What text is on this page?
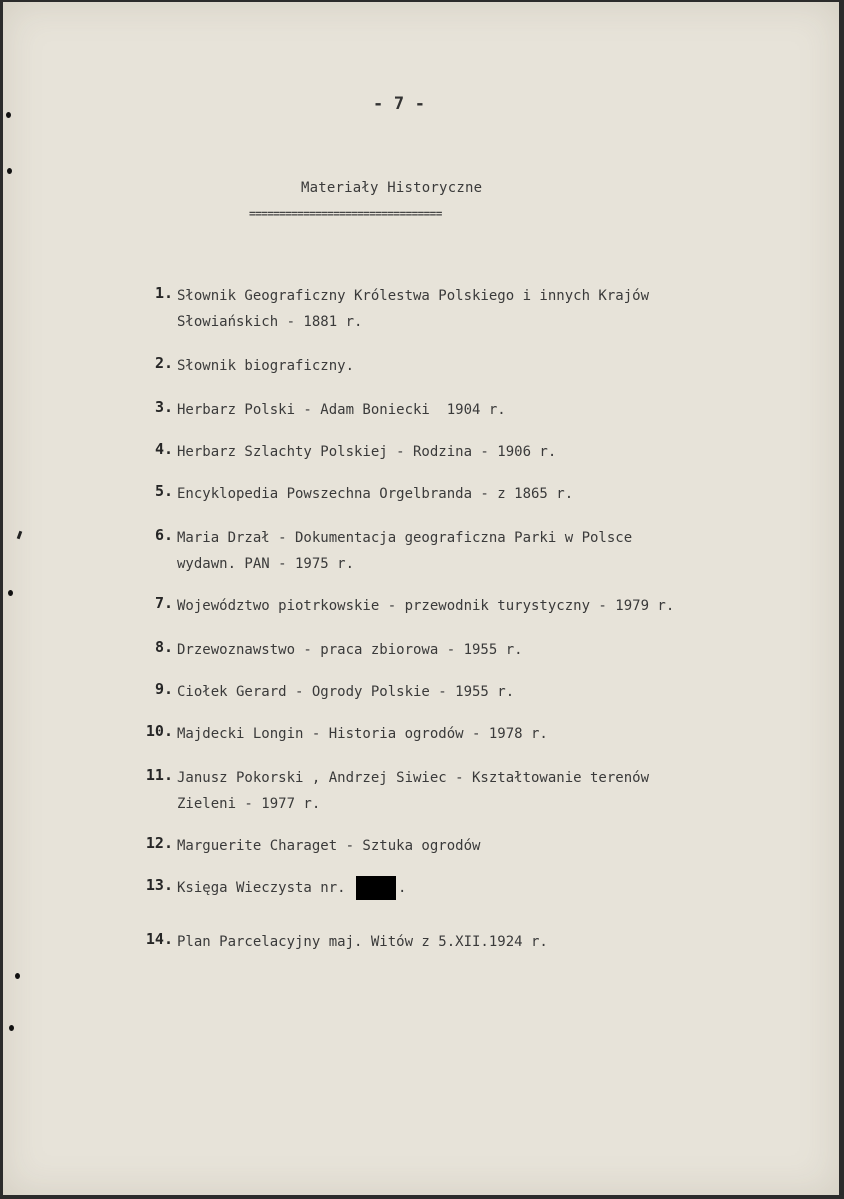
- 7 -
Materiały Historyczne
================================
1. Słownik Geograficzny Królestwa Polskiego i innych Krajów
Słowiańskich - 1881 r.
2. Słownik biograficzny.
3. Herbarz Polski - Adam Boniecki  1904 r.
4. Herbarz Szlachty Polskiej - Rodzina - 1906 r.
5. Encyklopedia Powszechna Orgelbranda - z 1865 r.
6. Maria Drzał - Dokumentacja geograficzna Parki w Polsce
wydawn. PAN - 1975 r.
7. Województwo piotrkowskie - przewodnik turystyczny - 1979 r.
8. Drzewoznawstwo - praca zbiorowa - 1955 r.
9. Ciołek Gerard - Ogrody Polskie - 1955 r.
10. Majdecki Longin - Historia ogrodów - 1978 r.
11. Janusz Pokorski , Andrzej Siwiec - Kształtowanie terenów
Zieleni - 1977 r.
12. Marguerite Charaget - Sztuka ogrodów
13. Księga Wieczysta nr.	.
14. Plan Parcelacyjny maj. Witów z 5.XII.1924 r.
